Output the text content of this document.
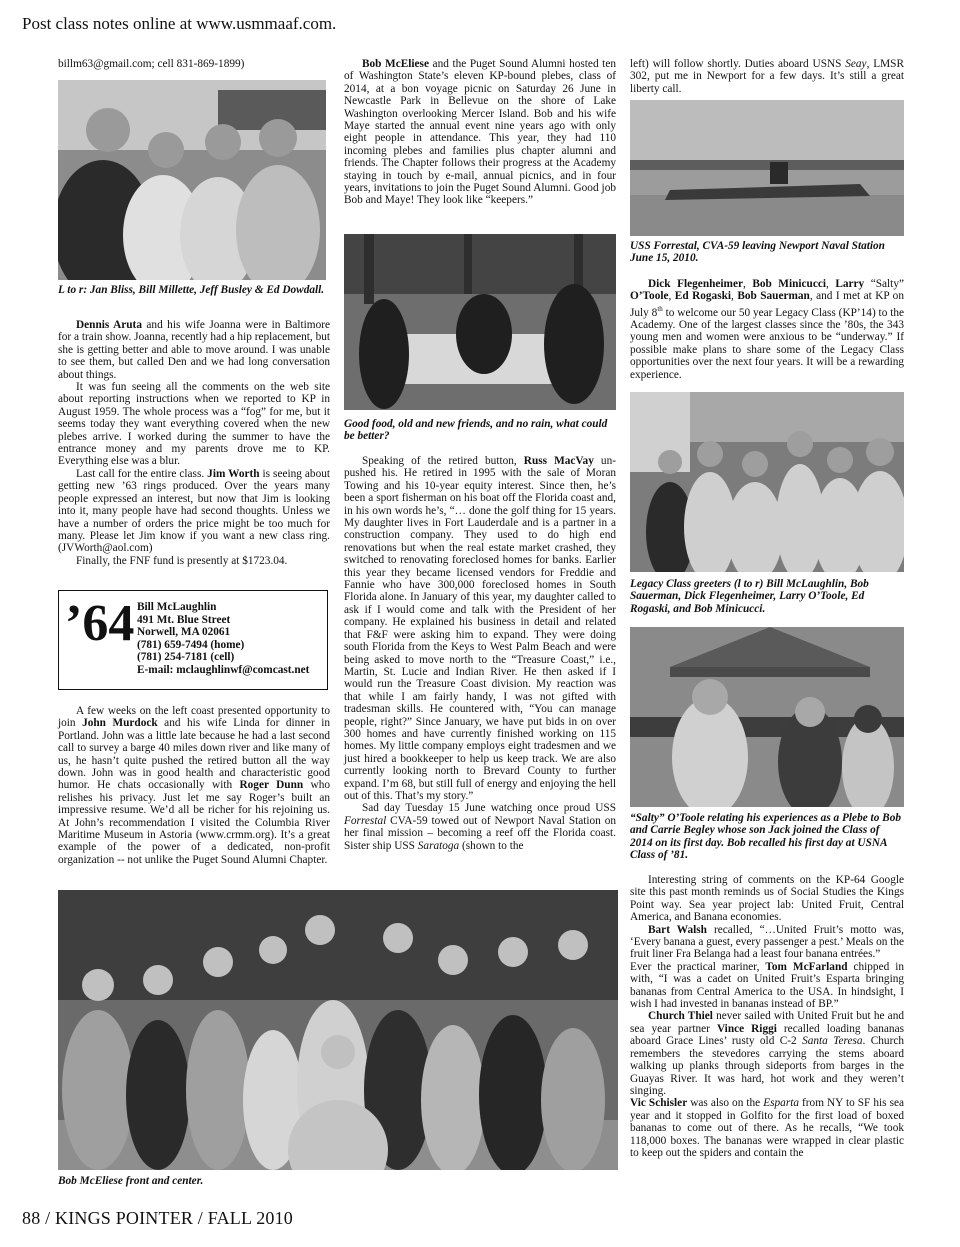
Post class notes online at www.usmmaaf.com.
88 / KINGS POINTER / FALL 2010

billm63@gmail.com; cell 831-869-1899)

L to r: Jan Bliss, Bill Millette, Jeff Busley & Ed Dowdall.

Dennis Aruta and his wife Joanna were in Baltimore for a train show. Joanna, recently had a hip replacement, but she is getting better and able to move around. I was unable to see them, but called Den and we had long conversation about things.

It was fun seeing all the comments on the web site about reporting instructions when we reported to KP in August 1959. The whole process was a “fog” for me, but it seems today they want everything covered when the new plebes arrive. I worked during the summer to have the entrance money and my parents drove me to KP. Everything else was a blur.

Last call for the entire class. Jim Worth is seeing about getting new ’63 rings produced. Over the years many people expressed an interest, but now that Jim is looking into it, many people have had second thoughts. Unless we have a number of orders the price might be too much for many. Please let Jim know if you want a new class ring. (JVWorth@aol.com)

Finally, the FNF fund is presently at $1723.04.

’64 Bill McLaughlin
491 Mt. Blue Street
Norwell, MA 02061
(781) 659-7494 (home)
(781) 254-7181 (cell)
E-mail: mclaughlinwf@comcast.net

A few weeks on the left coast presented opportunity to join John Murdock and his wife Linda for dinner in Portland. John was a little late because he had a last second call to survey a barge 40 miles down river and like many of us, he hasn’t quite pushed the retired button all the way down. John was in good health and characteristic good humor. He chats occasionally with Roger Dunn who relishes his privacy. Just let me say Roger’s built an impressive resume. We’d all be richer for his rejoining us. At John’s recommendation I visited the Columbia River Maritime Museum in Astoria (www.crmm.org). It’s a great example of the power of a dedicated, non-profit organization -- not unlike the Puget Sound Alumni Chapter.

Bob McEliese and the Puget Sound Alumni hosted ten of Washington State’s eleven KP-bound plebes, class of 2014, at a bon voyage picnic on Saturday 26 June in Newcastle Park in Bellevue on the shore of Lake Washington overlooking Mercer Island. Bob and his wife Maye started the annual event nine years ago with only eight people in attendance. This year, they had 110 incoming plebes and families plus chapter alumni and friends. The Chapter follows their progress at the Academy staying in touch by e-mail, annual picnics, and in four years, invitations to join the Puget Sound Alumni. Good job Bob and Maye! They look like “keepers.”

Good food, old and new friends, and no rain, what could be better?

Speaking of the retired button, Russ MacVay un-pushed his. He retired in 1995 with the sale of Moran Towing and his 10-year equity interest. Since then, he’s been a sport fisherman on his boat off the Florida coast and, in his own words he’s, “… done the golf thing for 15 years. My daughter lives in Fort Lauderdale and is a partner in a construction company. They used to do high end renovations but when the real estate market crashed, they switched to renovating foreclosed homes for banks. Earlier this year they became licensed vendors for Freddie and Fannie who have 300,000 foreclosed homes in South Florida alone. In January of this year, my daughter called to ask if I would come and talk with the President of her company. He explained his business in detail and related that F&F were asking him to expand. They were doing south Florida from the Keys to West Palm Beach and were being asked to move north to the “Treasure Coast,” i.e., Martin, St. Lucie and Indian River. He then asked if I would run the Treasure Coast division. My reaction was that while I am fairly handy, I was not gifted with tradesman skills. He countered with, “You can manage people, right?” Since January, we have put bids in on over 300 homes and have currently finished working on 115 homes. My little company employs eight tradesmen and we just hired a bookkeeper to help us keep track. We are also currently looking north to Brevard County to further expand. I’m 68, but still full of energy and enjoying the hell out of this. That’s my story.”

Sad day Tuesday 15 June watching once proud USS Forrestal CVA-59 towed out of Newport Naval Station on her final mission – becoming a reef off the Florida coast. Sister ship USS Saratoga (shown to the

left) will follow shortly. Duties aboard USNS Seay, LMSR 302, put me in Newport for a few days. It’s still a great liberty call.

USS Forrestal, CVA-59 leaving Newport Naval Station June 15, 2010.

Dick Flegenheimer, Bob Minicucci, Larry “Salty” O’Toole, Ed Rogaski, Bob Sauerman, and I met at KP on July 8th to welcome our 50 year Legacy Class (KP’14) to the Academy. One of the largest classes since the ’80s, the 343 young men and women were anxious to be “underway.” If possible make plans to share some of the Legacy Class opportunities over the next four years. It will be a rewarding experience.

Legacy Class greeters (l to r) Bill McLaughlin, Bob Sauerman, Dick Flegenheimer, Larry O’Toole, Ed Rogaski, and Bob Minicucci.
“Salty” O’Toole relating his experiences as a Plebe to Bob and Carrie Begley whose son Jack joined the Class of 2014 on its first day. Bob recalled his first day at USNA Class of ’81.

Interesting string of comments on the KP-64 Google site this past month reminds us of Social Studies the Kings Point way. Sea year project lab: United Fruit, Central America, and Banana economies.

Bart Walsh recalled, “…United Fruit’s motto was, ‘Every banana a guest, every passenger a pest.’ Meals on the fruit liner Fra Belanga had a least four banana entrées.”

Ever the practical mariner, Tom McFarland chipped in with, “I was a cadet on United Fruit’s Esparta bringing bananas from Central America to the USA. In hindsight, I wish I had invested in bananas instead of BP.”

Church Thiel never sailed with United Fruit but he and sea year partner Vince Riggi recalled loading bananas aboard Grace Lines’ rusty old C-2 Santa Teresa. Church remembers the stevedores carrying the stems aboard walking up planks through sideports from barges in the Guayas River. It was hard, hot work and they weren’t singing.

Vic Schisler was also on the Esparta from NY to SF his sea year and it stopped in Golfito for the first load of boxed bananas to come out of there. As he recalls, “We took 118,000 boxes. The bananas were wrapped in clear plastic to keep out the spiders and contain the

Bob McEliese front and center.
